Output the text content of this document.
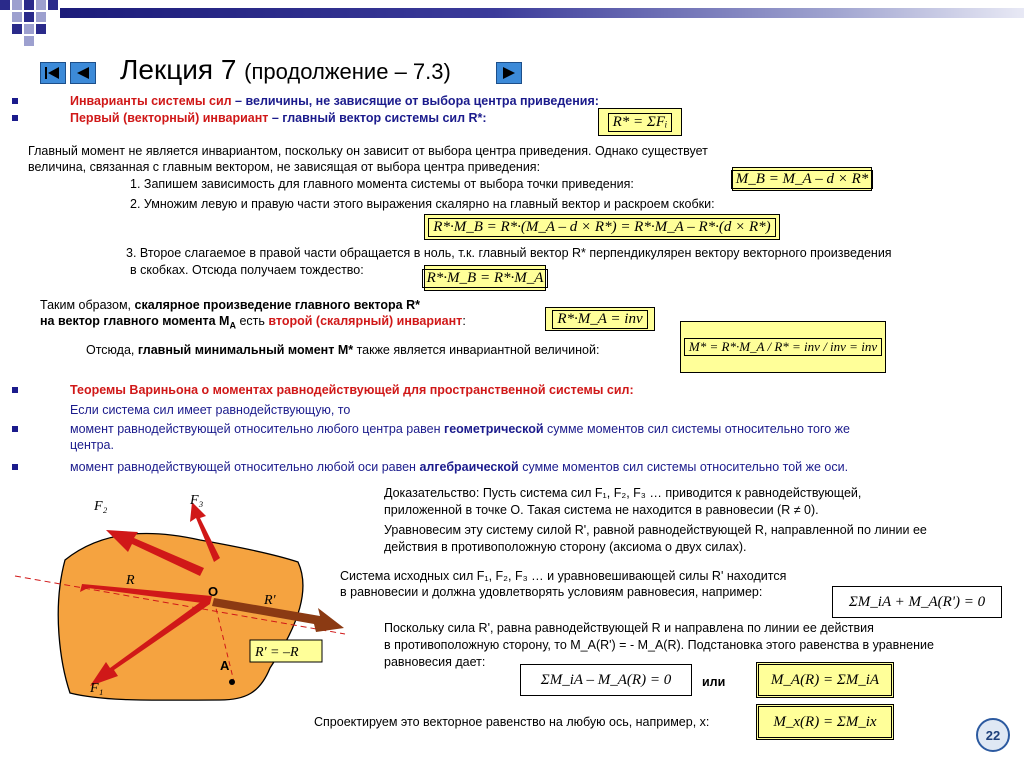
Лекция 7 (продолжение – 7.3)
Инварианты системы сил – величины, не зависящие от выбора центра приведения:
Первый (векторный) инвариант – главный вектор системы сил R*:	R* = ΣFᵢ
Главный момент не является инвариантом, поскольку он зависит от выбора центра приведения. Однако существует
величина, связанная с главным вектором, не зависящая от выбора центра приведения:
1. Запишем зависимость для главного момента системы от выбора точки приведения:	M_B = M_A – d × R*
2. Умножим левую и правую части этого выражения скалярно на главный вектор и раскроем скобки:
R*·M_B = R*·(M_A – d × R*) = R*·M_A – R*·(d × R*)
3. Второе слагаемое в правой части обращается в ноль, т.к. главный вектор R* перпендикулярен вектору векторного произведения
в скобках. Отсюда получаем тождество:	R*·M_B = R*·M_A
Таким образом, скалярное произведение главного вектора R*
на вектор главного момента $M_A$ есть второй (скалярный) инвариант:	R*·M_A = inv
Отсюда, главный минимальный момент M* также является инвариантной величиной:	M* = R*·M_A / R* = inv / inv = inv
Теоремы Вариньона о моментах равнодействующей для пространственной системы сил:
Если система сил имеет равнодействующую, то
момент равнодействующей относительно любого центра равен геометрической сумме моментов сил системы относительно того же
центра.
момент равнодействующей относительно любой оси равен алгебраической сумме моментов сил системы относительно той же оси.
F₂	F₃
R
R'
O
A
F₁
R' = –R
Доказательство: Пусть система сил F₁, F₂, F₃ … приводится к равнодействующей,
приложенной в точке O. Такая система не находится в равновесии (R ≠ 0).
Уравновесим эту систему силой R', равной равнодействующей R, направленной по линии ее
действия в противоположную сторону (аксиома о двух силах).
Система исходных сил F₁, F₂, F₃ … и уравновешивающей силы R' находится
в равновесии и должна удовлетворять условиям равновесия, например:
ΣM_iA + M_A(R') = 0
Поскольку сила R', равна равнодействующей R и направлена по линии ее действия
в противоположную сторону, то M_A(R') = - M_A(R). Подстановка этого равенства в уравнение
равновесия дает:
ΣM_iA – M_A(R) = 0 или	M_A(R) = ΣM_iA
Спроектируем это векторное равенство на любую ось, например, x:	M_x(R) = ΣM_ix
22
